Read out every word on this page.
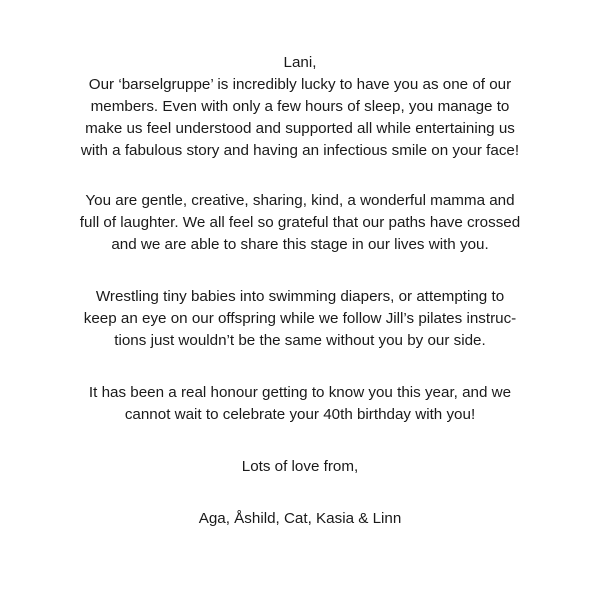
Lani,
Our ‘barselgruppe’ is incredibly lucky to have you as one of our
members. Even with only a few hours of sleep, you manage to
make us feel understood and supported all while entertaining us
with a fabulous story and having an infectious smile on your face!
You are gentle, creative, sharing, kind, a wonderful mamma and
full of laughter. We all feel so grateful that our paths have crossed
and we are able to share this stage in our lives with you.
Wrestling tiny babies into swimming diapers, or attempting to
keep an eye on our offspring while we follow Jill’s pilates instruc-
tions just wouldn’t be the same without you by our side.
It has been a real honour getting to know you this year, and we
cannot wait to celebrate your 40th birthday with you!
Lots of love from,
Aga, Åshild, Cat, Kasia & Linn
